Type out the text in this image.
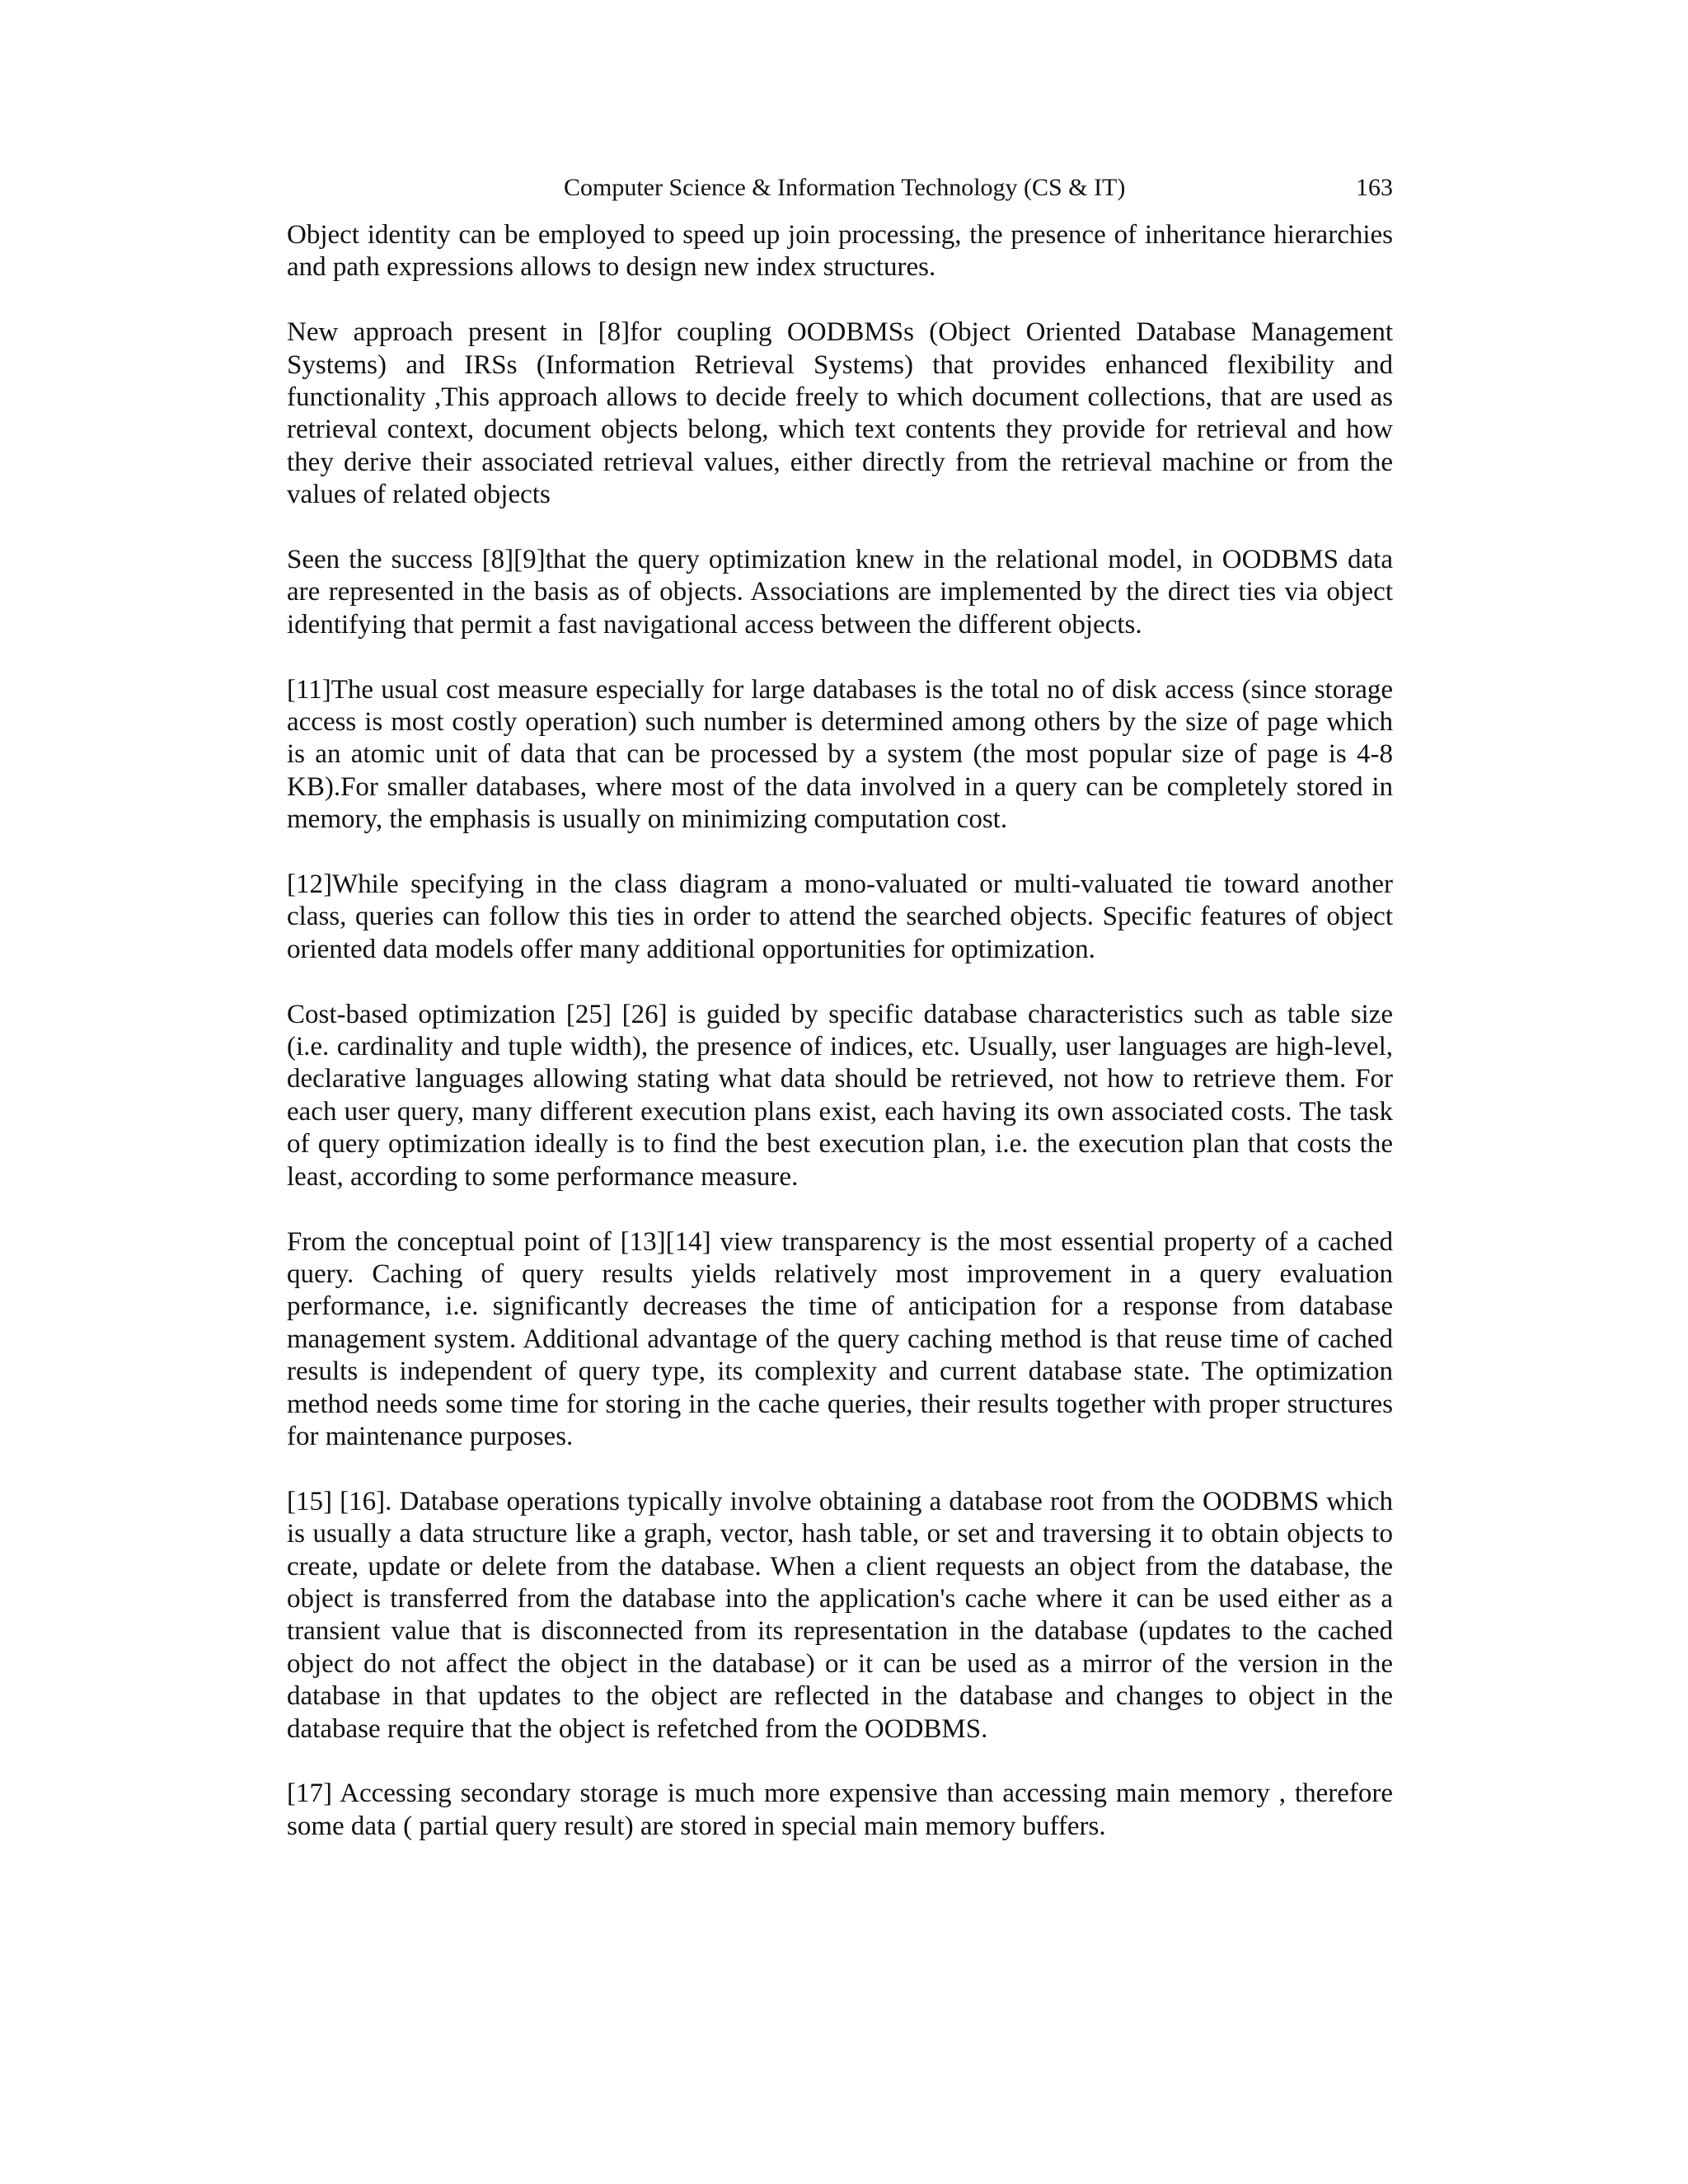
Computer Science & Information Technology (CS & IT)	163

Object identity can be employed to speed up join processing, the presence of inheritance hierarchies and path expressions allows to design new index structures.

New approach present in [8]for coupling OODBMSs (Object Oriented Database Management Systems) and IRSs (Information Retrieval Systems) that provides enhanced flexibility and functionality ,This approach allows to decide freely to which document collections, that are used as retrieval context, document objects belong, which text contents they provide for retrieval and how they derive their associated retrieval values, either directly from the retrieval machine or from the values of related objects

Seen the success [8][9]that the query optimization knew in the relational model, in OODBMS data are represented in the basis as of objects. Associations are implemented by the direct ties via object identifying that permit a fast navigational access between the different objects.

[11]The usual cost measure especially for large databases is the total no of disk access (since storage access is most costly operation) such number is determined among others by the size of page which is an atomic unit of data that can be processed by a system (the most popular size of page is 4-8 KB).For smaller databases, where most of the data involved in a query can be completely stored in memory, the emphasis is usually on minimizing computation cost.

[12]While specifying in the class diagram a mono-valuated or multi-valuated tie toward another class, queries can follow this ties in order to attend the searched objects. Specific features of object oriented data models offer many additional opportunities for optimization.

Cost-based optimization [25] [26] is guided by specific database characteristics such as table size (i.e. cardinality and tuple width), the presence of indices, etc. Usually, user languages are high-level, declarative languages allowing stating what data should be retrieved, not how to retrieve them. For each user query, many different execution plans exist, each having its own associated costs. The task of query optimization ideally is to find the best execution plan, i.e. the execution plan that costs the least, according to some performance measure.

From the conceptual point of [13][14] view transparency is the most essential property of a cached query. Caching of query results yields relatively most improvement in a query evaluation performance, i.e. significantly decreases the time of anticipation for a response from database management system. Additional advantage of the query caching method is that reuse time of cached results is independent of query type, its complexity and current database state. The optimization method needs some time for storing in the cache queries, their results together with proper structures for maintenance purposes.

[15] [16]. Database operations typically involve obtaining a database root from the OODBMS which is usually a data structure like a graph, vector, hash table, or set and traversing it to obtain objects to create, update or delete from the database. When a client requests an object from the database, the object is transferred from the database into the application's cache where it can be used either as a transient value that is disconnected from its representation in the database (updates to the cached object do not affect the object in the database) or it can be used as a mirror of the version in the database in that updates to the object are reflected in the database and changes to object in the database require that the object is refetched from the OODBMS.

[17] Accessing secondary storage is much more expensive than accessing main memory , therefore some data ( partial query result) are stored in special main memory buffers.
